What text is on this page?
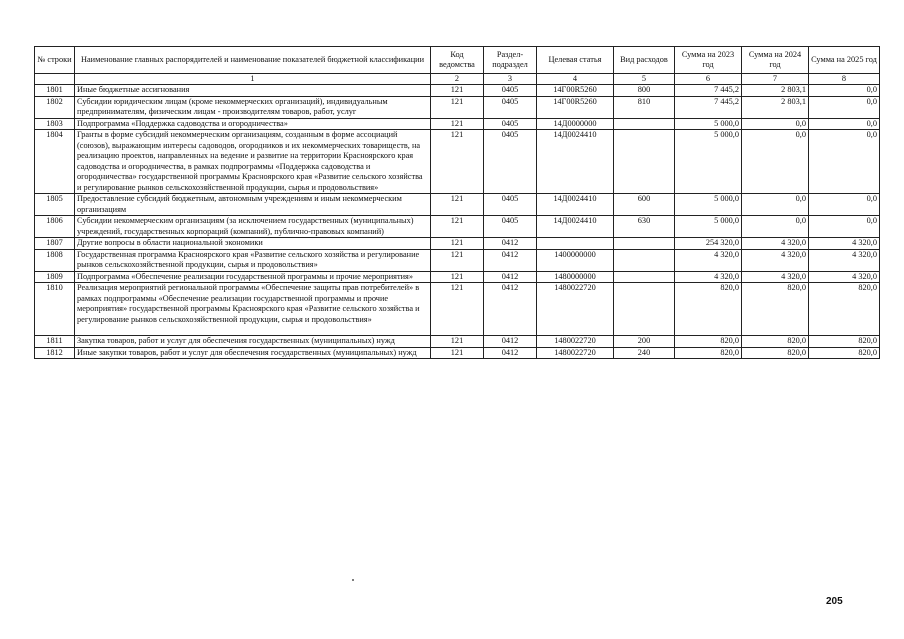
№ строки	Наименование главных распорядителей и наименование показателей бюджетной классификации	Код ведомства	Раздел-подраздел	Целевая статья	Вид расходов	Сумма на 2023 год	Сумма на 2024 год	Сумма на 2025 год
	1	2	3	4	5	6	7	8
1801	Иные бюджетные ассигнования	121	0405	14Г00R5260	800	7 445,2	2 803,1	0,0
1802	Субсидии юридическим лицам (кроме некоммерческих организаций), индивидуальным предпринимателям, физическим лицам - производителям товаров, работ, услуг	121	0405	14Г00R5260	810	7 445,2	2 803,1	0,0
1803	Подпрограмма «Поддержка садоводства и огородничества»	121	0405	14Д0000000		5 000,0	0,0	0,0
1804	Гранты в форме субсидий некоммерческим организациям, созданным в форме ассоциаций (союзов), выражающим интересы садоводов, огородников и их некоммерческих товариществ, на реализацию проектов, направленных на ведение и развитие на территории Красноярского края садоводства и огородничества, в рамках подпрограммы «Поддержка садоводства и огородничества» государственной программы Красноярского края «Развитие сельского хозяйства и регулирование рынков сельскохозяйственной продукции, сырья и продовольствия»	121	0405	14Д0024410		5 000,0	0,0	0,0
1805	Предоставление субсидий бюджетным, автономным учреждениям и иным некоммерческим организациям	121	0405	14Д0024410	600	5 000,0	0,0	0,0
1806	Субсидии некоммерческим организациям (за исключением государственных (муниципальных) учреждений, государственных корпораций (компаний), публично-правовых компаний)	121	0405	14Д0024410	630	5 000,0	0,0	0,0
1807	Другие вопросы в области национальной экономики	121	0412			254 320,0	4 320,0	4 320,0
1808	Государственная программа Красноярского края «Развитие сельского хозяйства и регулирование рынков сельскохозяйственной продукции, сырья и продовольствия»	121	0412	1400000000		4 320,0	4 320,0	4 320,0
1809	Подпрограмма «Обеспечение реализации государственной программы и прочие мероприятия»	121	0412	1480000000		4 320,0	4 320,0	4 320,0
1810	Реализация мероприятий региональной программы «Обеспечение защиты прав потребителей» в рамках подпрограммы «Обеспечение реализации государственной программы и прочие мероприятия» государственной программы Красноярского края «Развитие сельского хозяйства и регулирование рынков сельскохозяйственной продукции, сырья и продовольствия»	121	0412	1480022720		820,0	820,0	820,0
1811	Закупка товаров, работ и услуг для обеспечения государственных (муниципальных) нужд	121	0412	1480022720	200	820,0	820,0	820,0
1812	Иные закупки товаров, работ и услуг для обеспечения государственных (муниципальных) нужд	121	0412	1480022720	240	820,0	820,0	820,0
205
